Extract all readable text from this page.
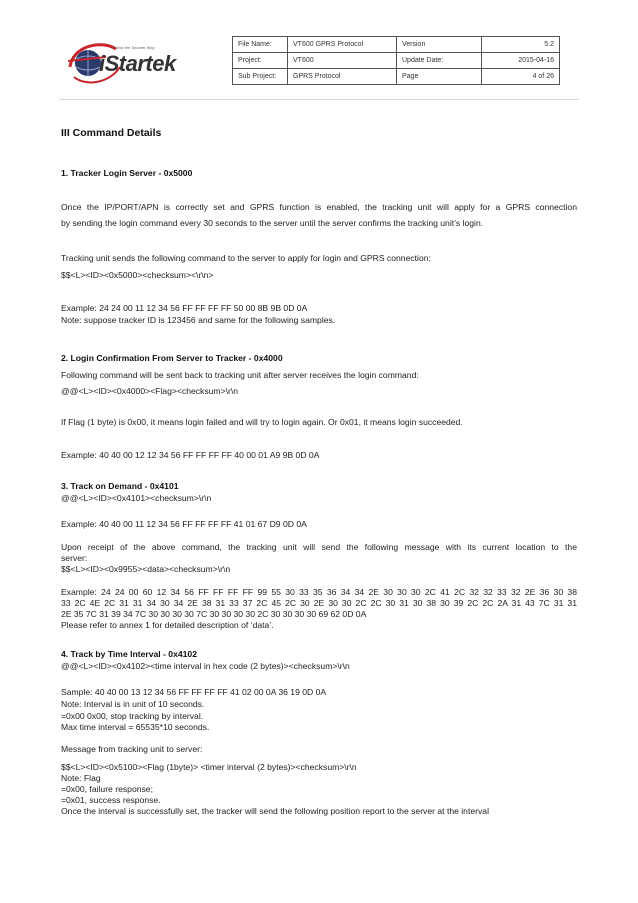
Follow the Smarter Way
iStartek
File Name:	VT600 GPRS Protocol	Version	5.2
Project:	VT600	Update Date:	2015-04-16
Sub Project:	GPRS Protocol	Page	4 of 26
III Command Details
1. Tracker Login Server - 0x5000
Once the IP/PORT/APN is correctly set and GPRS function is enabled, the tracking unit will apply for a GPRS connection
by sending the login command every 30 seconds to the server until the server confirms the tracking unit’s login.
Tracking unit sends the following command to the server to apply for login and GPRS connection:
$$<L><ID><0x5000><checksum><\r\n>
Example: 24 24 00 11 12 34 56 FF FF FF FF 50 00 8B 9B 0D 0A
Note: suppose tracker ID is 123456 and same for the following samples.
2. Login Confirmation From Server to Tracker - 0x4000
Following command will be sent back to tracking unit after server receives the login command:
@@<L><ID><0x4000><Flag><checksum>\r\n
If Flag (1 byte) is 0x00, it means login failed and will try to login again. Or 0x01, it means login succeeded.
Example: 40 40 00 12 12 34 56 FF FF FF FF 40 00 01 A9 9B 0D 0A
3. Track on Demand - 0x4101
@@<L><ID><0x4101><checksum>\r\n
Example: 40 40 00 11 12 34 56 FF FF FF FF 41 01 67 D9 0D 0A
Upon receipt of the above command, the tracking unit will send the following message with its current location to the
server:
$$<L><ID><0x9955><data><checksum>\r\n
Example: 24 24 00 60 12 34 56 FF FF FF FF 99 55 30 33 35 36 34 34 2E 30 30 30 2C 41 2C 32 32 33 32 2E 36 30 38
33 2C 4E 2C 31 31 34 30 34 2E 38 31 33 37 2C 45 2C 30 2E 30 30 2C 2C 30 31 30 38 30 39 2C 2C 2A 31 43 7C 31 31
2E 35 7C 31 39 34 7C 30 30 30 30 7C 30 30 30 30 2C 30 30 30 30 69 62 0D 0A
Please refer to annex 1 for detailed description of ‘data’.
4. Track by Time Interval - 0x4102
@@<L><ID><0x4102><time interval in hex code (2 bytes)><checksum>\r\n
Sample: 40 40 00 13 12 34 56 FF FF FF FF 41 02 00 0A 36 19 0D 0A
Note: Interval is in unit of 10 seconds.
=0x00 0x00, stop tracking by interval.
Max time interval = 65535*10 seconds.
Message from tracking unit to server:
$$<L><ID><0x5100><Flag (1byte)> <timer interval (2 bytes)><checksum>\r\n
Note: Flag
=0x00, failure response;
=0x01, success response.
Once the interval is successfully set, the tracker will send the following position report to the server at the interval
